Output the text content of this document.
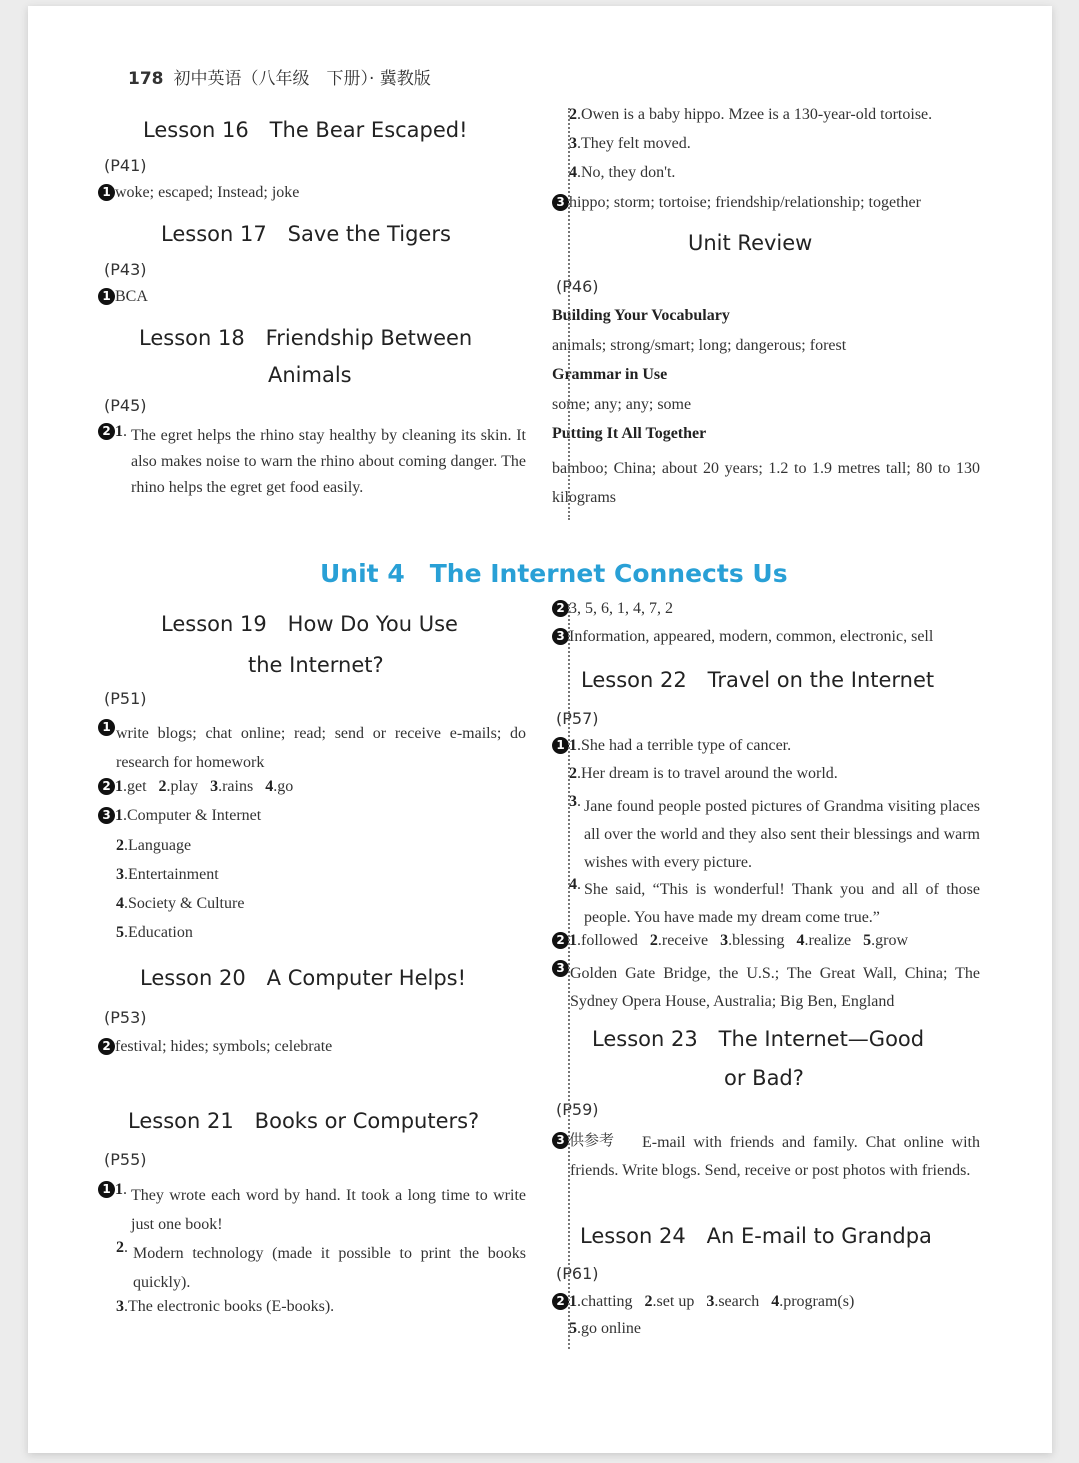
178 初中英语（八年级　下册）· 冀教版
Lesson 16　The Bear Escaped!
(P41)
1 woke; escaped; Instead; joke
Lesson 17　Save the Tigers
(P43)
1 BCA
Lesson 18　Friendship Between
Animals
(P45)
2 1. The egret helps the rhino stay healthy by cleaning its skin. It also makes noise to warn the rhino about coming danger. The rhino helps the egret get food easily.
2.Owen is a baby hippo. Mzee is a 130-year-old tortoise.
3.They felt moved.
4.No, they don't.
3 hippo; storm; tortoise; friendship/relationship; together
Unit Review
(P46)
Building Your Vocabulary
animals; strong/smart; long; dangerous; forest
Grammar in Use
some; any; any; some
Putting It All Together
bamboo; China; about 20 years; 1.2 to 1.9 metres tall; 80 to 130 kilograms
Unit 4　The Internet Connects Us
Lesson 19　How Do You Use
the Internet?
(P51)
1 write blogs; chat online; read; send or receive e-mails; do research for homework
2 1.get 2.play 3.rains 4.go
3 1.Computer & Internet
2.Language
3.Entertainment
4.Society & Culture
5.Education
Lesson 20　A Computer Helps!
(P53)
2 festival; hides; symbols; celebrate
Lesson 21　Books or Computers?
(P55)
1 1. They wrote each word by hand. It took a long time to write just one book!
2. Modern technology (made it possible to print the books quickly).
3.The electronic books (E-books).
2 3, 5, 6, 1, 4, 7, 2
3 Information, appeared, modern, common, electronic, sell
Lesson 22　Travel on the Internet
(P57)
1 1.She had a terrible type of cancer.
2.Her dream is to travel around the world.
3. Jane found people posted pictures of Grandma visiting places all over the world and they also sent their blessings and warm wishes with every picture.
4. She said, “This is wonderful! Thank you and all of those people. You have made my dream come true.”
2 1.followed 2.receive 3.blessing 4.realize 5.grow
3 Golden Gate Bridge, the U.S.; The Great Wall, China; The Sydney Opera House, Australia; Big Ben, England
Lesson 23　The Internet—Good
or Bad?
(P59)
3 供参考	E-mail with friends and family. Chat online with friends. Write blogs. Send, receive or post photos with friends.
Lesson 24　An E-mail to Grandpa
(P61)
2 1.chatting 2.set up 3.search 4.program(s)
5.go online
